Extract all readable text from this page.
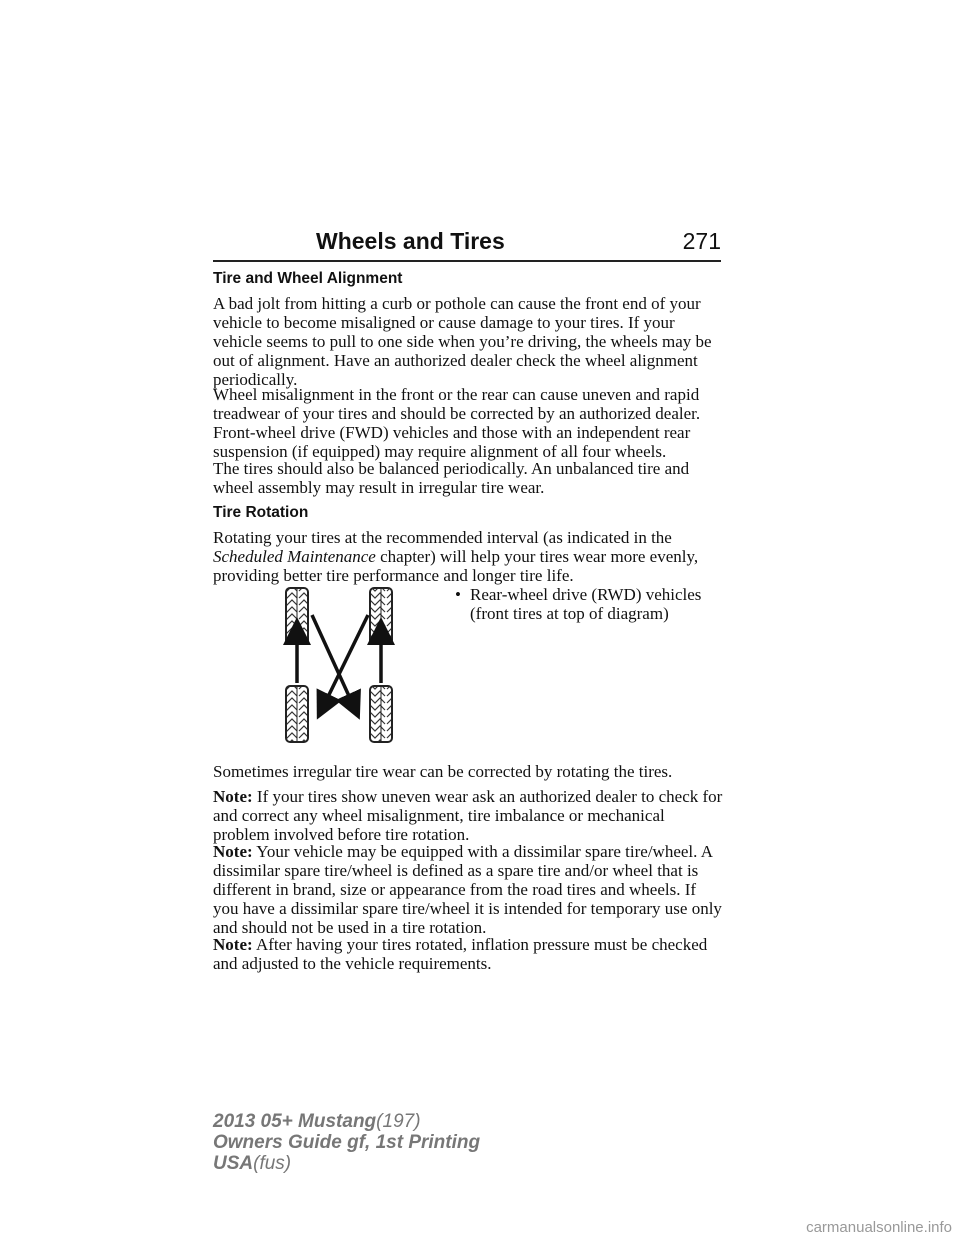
Wheels and Tires	271
Tire and Wheel Alignment

A bad jolt from hitting a curb or pothole can cause the front end of your vehicle to become misaligned or cause damage to your tires. If your vehicle seems to pull to one side when you’re driving, the wheels may be out of alignment. Have an authorized dealer check the wheel alignment periodically.

Wheel misalignment in the front or the rear can cause uneven and rapid treadwear of your tires and should be corrected by an authorized dealer. Front-wheel drive (FWD) vehicles and those with an independent rear suspension (if equipped) may require alignment of all four wheels.

The tires should also be balanced periodically. An unbalanced tire and wheel assembly may result in irregular tire wear.

Tire Rotation

Rotating your tires at the recommended interval (as indicated in the Scheduled Maintenance chapter) will help your tires wear more evenly, providing better tire performance and longer tire life.

• Rear-wheel drive (RWD) vehicles (front tires at top of diagram)

Sometimes irregular tire wear can be corrected by rotating the tires.

Note: If your tires show uneven wear ask an authorized dealer to check for and correct any wheel misalignment, tire imbalance or mechanical problem involved before tire rotation.

Note: Your vehicle may be equipped with a dissimilar spare tire/wheel. A dissimilar spare tire/wheel is defined as a spare tire and/or wheel that is different in brand, size or appearance from the road tires and wheels. If you have a dissimilar spare tire/wheel it is intended for temporary use only and should not be used in a tire rotation.

Note: After having your tires rotated, inflation pressure must be checked and adjusted to the vehicle requirements.

2013 05+ Mustang(197)
Owners Guide gf, 1st Printing
USA(fus)
carmanualsonline.info
